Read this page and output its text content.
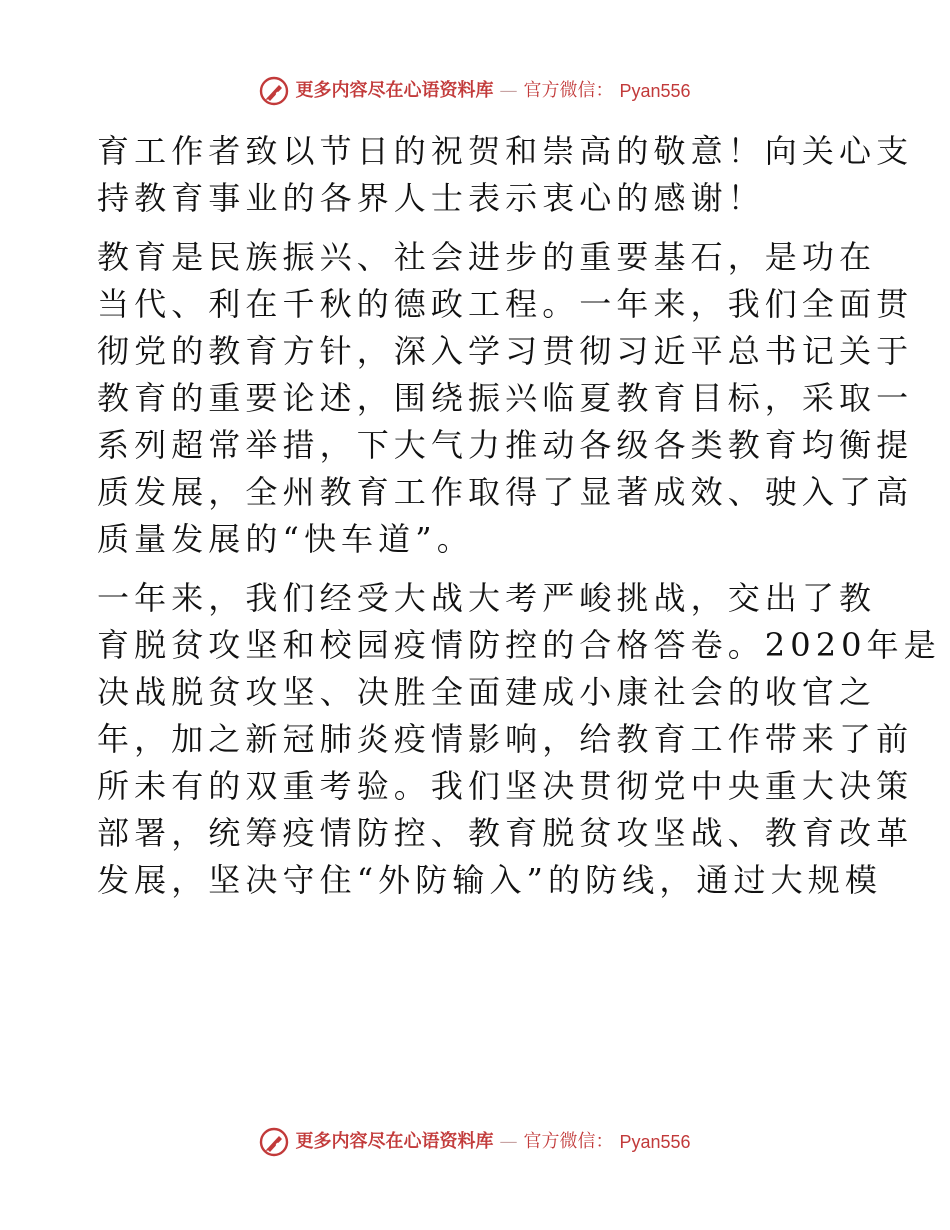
更多内容尽在心语资料库 — 官方微信： Pyan556

育工作者致以节日的祝贺和崇高的敬意！向关心支
持教育事业的各界人士表示衷心的感谢！

教育是民族振兴、社会进步的重要基石，是功在
当代、利在千秋的德政工程。一年来，我们全面贯
彻党的教育方针，深入学习贯彻习近平总书记关于
教育的重要论述，围绕振兴临夏教育目标，采取一
系列超常举措，下大气力推动各级各类教育均衡提
质发展，全州教育工作取得了显著成效、驶入了高
质量发展的“快车道”。

一年来，我们经受大战大考严峻挑战，交出了教
育脱贫攻坚和校园疫情防控的合格答卷。2020年是
决战脱贫攻坚、决胜全面建成小康社会的收官之
年，加之新冠肺炎疫情影响，给教育工作带来了前
所未有的双重考验。我们坚决贯彻党中央重大决策
部署，统筹疫情防控、教育脱贫攻坚战、教育改革
发展，坚决守住“外防输入”的防线，通过大规模

更多内容尽在心语资料库 — 官方微信： Pyan556
